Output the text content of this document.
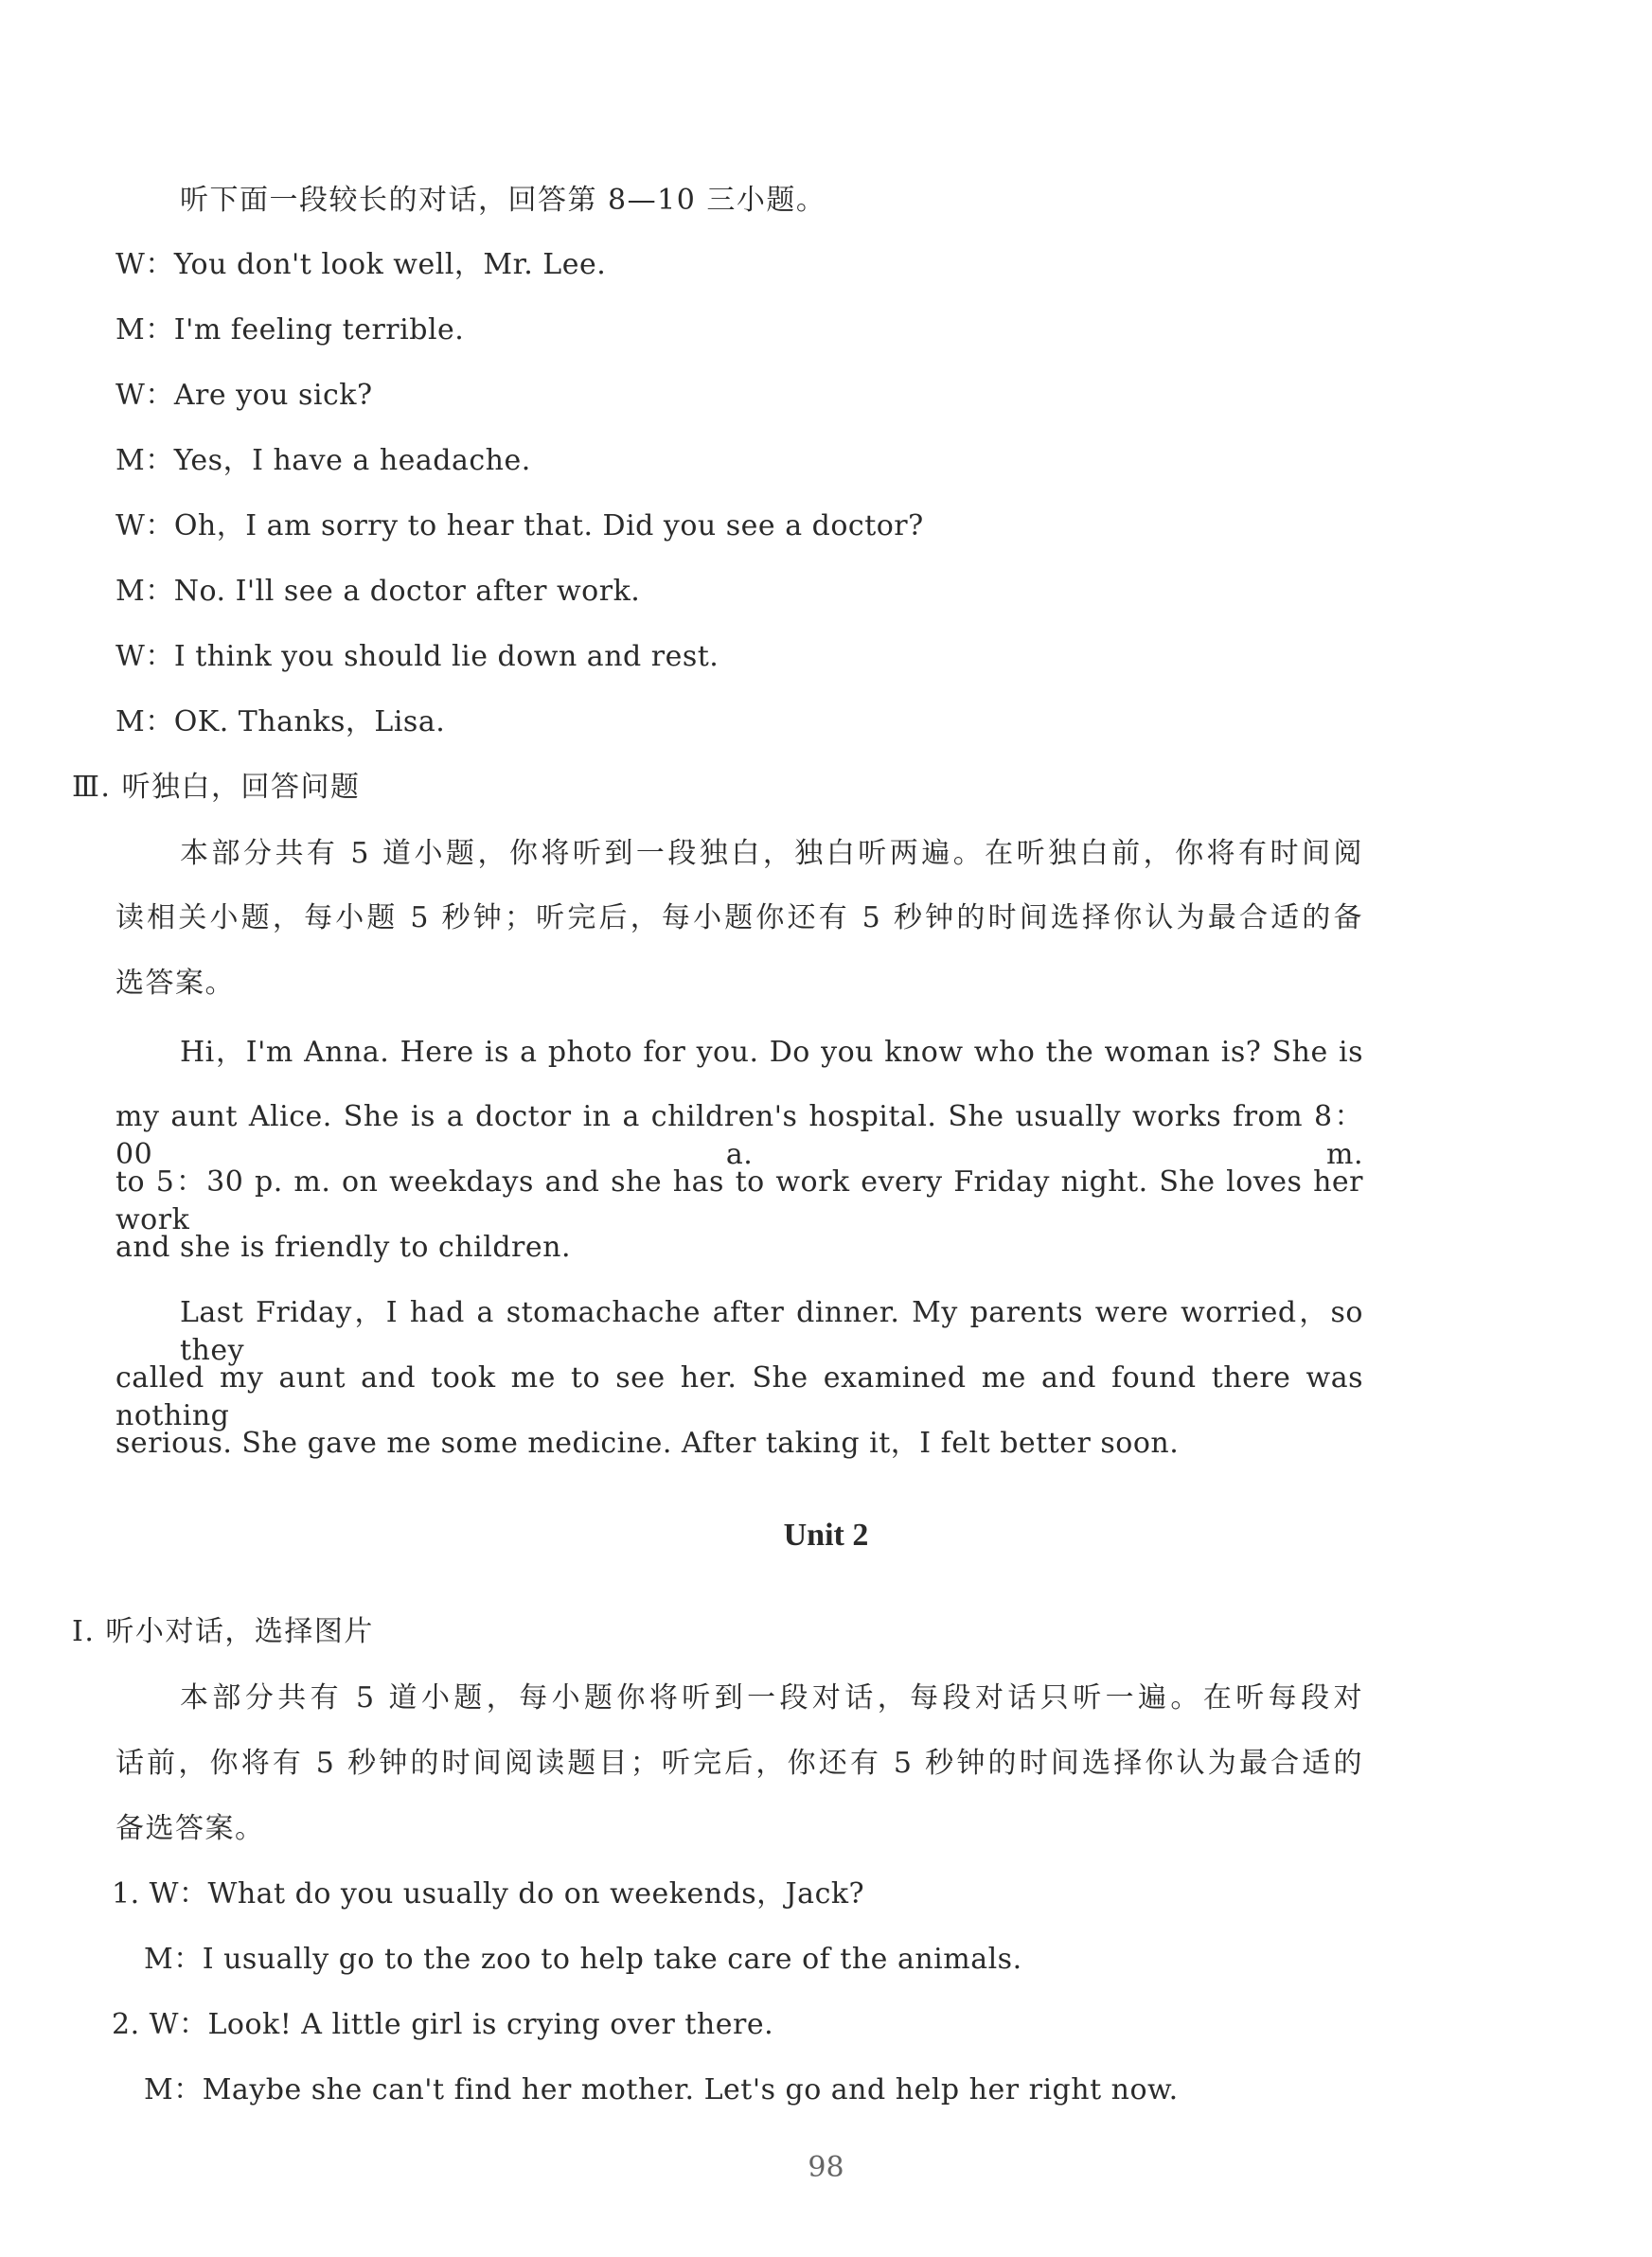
听下面一段较长的对话，回答第 8—10 三小题。
W：You don't look well，Mr. Lee.
M：I'm feeling terrible.
W：Are you sick?
M：Yes，I have a headache.
W：Oh，I am sorry to hear that. Did you see a doctor?
M：No. I'll see a doctor after work.
W：I think you should lie down and rest.
M：OK. Thanks，Lisa.
Ⅲ. 听独白，回答问题
本部分共有 5 道小题，你将听到一段独白，独白听两遍。在听独白前，你将有时间阅
读相关小题，每小题 5 秒钟；听完后，每小题你还有 5 秒钟的时间选择你认为最合适的备
选答案。
Hi，I'm Anna. Here is a photo for you. Do you know who the woman is? She is
my aunt Alice. She is a doctor in a children's hospital. She usually works from 8：00 a. m.
to 5：30 p. m. on weekdays and she has to work every Friday night. She loves her work
and she is friendly to children.
Last Friday，I had a stomachache after dinner. My parents were worried，so they
called my aunt and took me to see her. She examined me and found there was nothing
serious. She gave me some medicine. After taking it，I felt better soon.
Unit 2
Ⅰ. 听小对话，选择图片
本部分共有 5 道小题，每小题你将听到一段对话，每段对话只听一遍。在听每段对
话前，你将有 5 秒钟的时间阅读题目；听完后，你还有 5 秒钟的时间选择你认为最合适的
备选答案。
1. W：What do you usually do on weekends，Jack?
M：I usually go to the zoo to help take care of the animals.
2. W：Look! A little girl is crying over there.
M：Maybe she can't find her mother. Let's go and help her right now.
98
